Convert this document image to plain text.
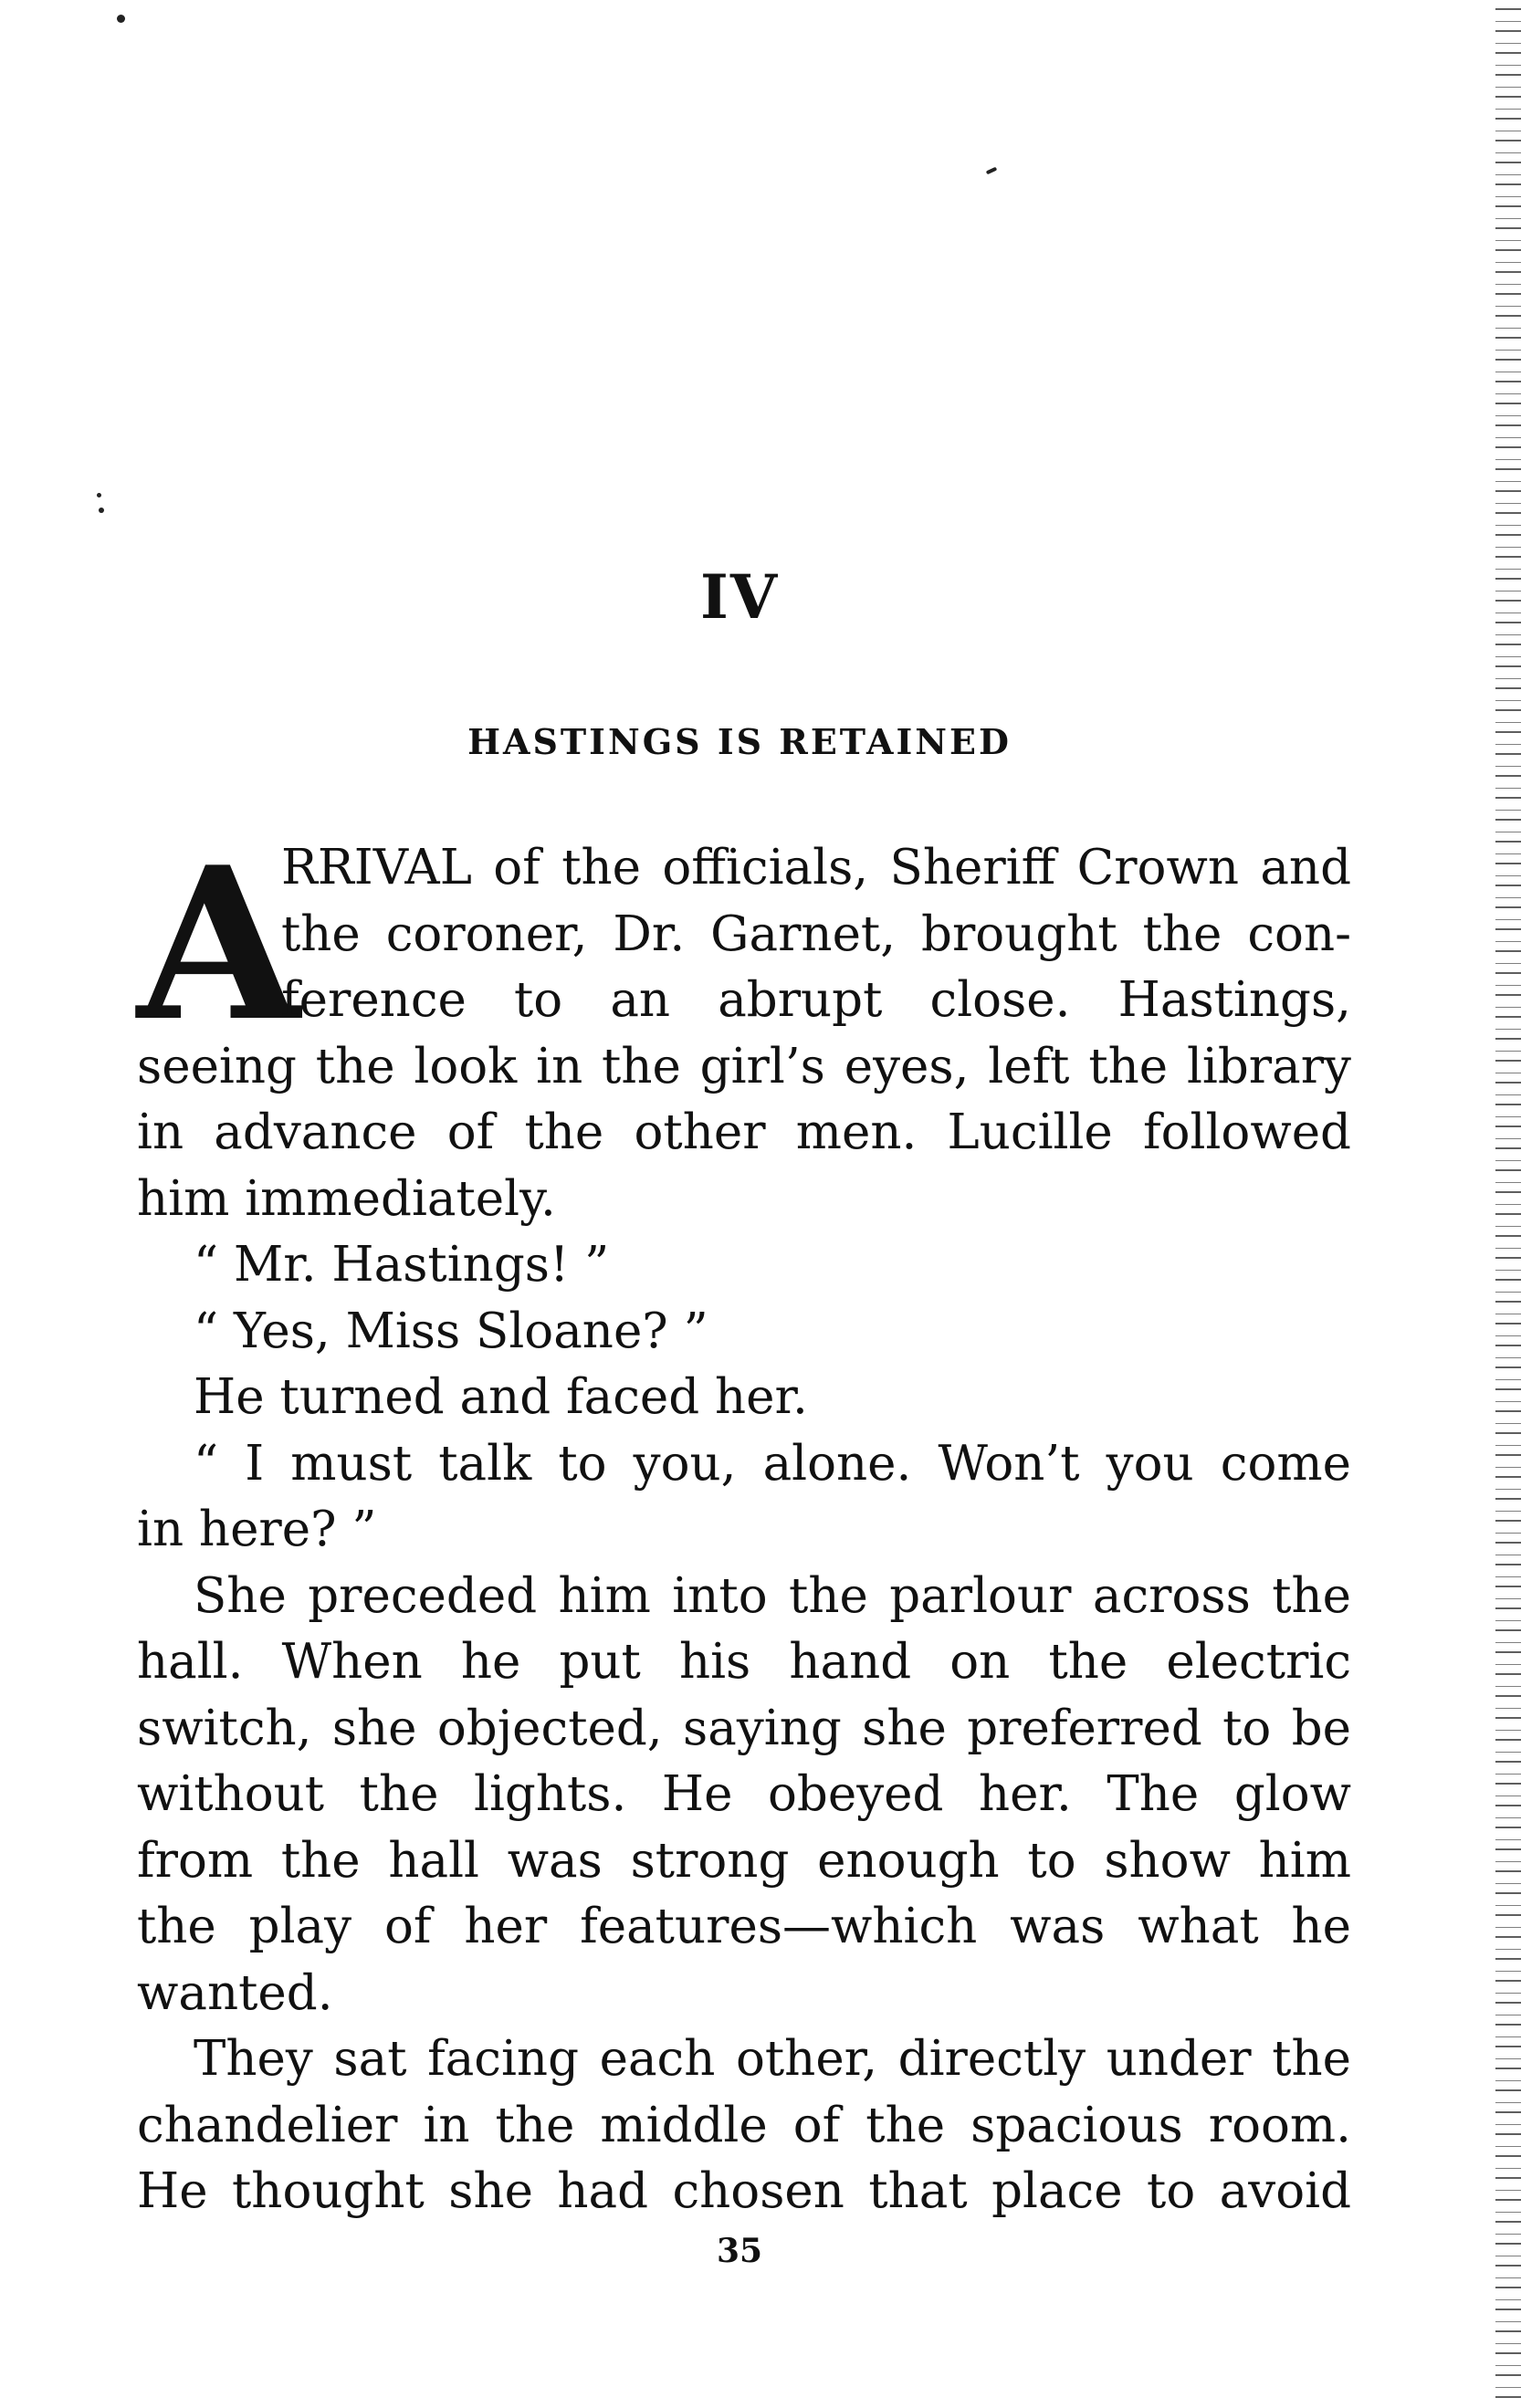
IV
HASTINGS IS RETAINED
A
RRIVAL of the officials, Sheriff Crown and
the coroner, Dr. Garnet, brought the con-
ference to an abrupt close. Hastings,
seeing the look in the girl’s eyes, left the library
in advance of the other men. Lucille followed
him immediately.
“ Mr. Hastings! ”
“ Yes, Miss Sloane? ”
He turned and faced her.
“ I must talk to you, alone. Won’t you come
in here? ”
She preceded him into the parlour across the
hall. When he put his hand on the electric
switch, she objected, saying she preferred to be
without the lights. He obeyed her. The glow
from the hall was strong enough to show him
the play of her features—which was what he
wanted.
They sat facing each other, directly under the
chandelier in the middle of the spacious room.
He thought she had chosen that place to avoid
35
